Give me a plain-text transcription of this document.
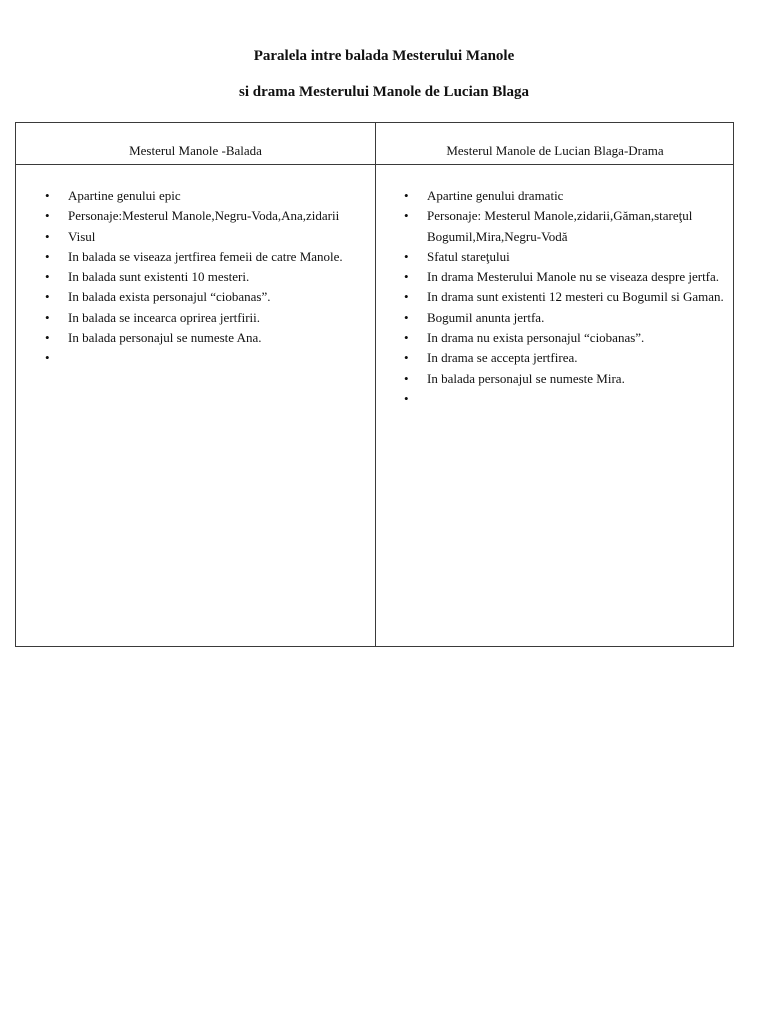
Paralela intre balada Mesterului Manole

si drama Mesterului Manole de Lucian Blaga

Mesterul Manole -Balada	Mesterul Manole de Lucian Blaga-Drama

• Apartine genului epic
• Personaje:Mesterul Manole,Negru-Voda,Ana,zidarii
• Visul
• In balada se viseaza jertfirea femeii de catre Manole.
• In balada sunt existenti 10 mesteri.
• In balada exista personajul “ciobanas”.
• In balada se incearca oprirea jertfirii.
• In balada personajul se numeste Ana.
•
• Apartine genului dramatic
• Personaje: Mesterul Manole,zidarii,Găman,stareţul Bogumil,Mira,Negru-Vodă
• Sfatul stareţului
• In drama Mesterului Manole nu se viseaza despre jertfa.
• In drama sunt existenti 12 mesteri cu Bogumil si Gaman.
• Bogumil anunta jertfa.
• In drama nu exista personajul “ciobanas”.
• In drama se accepta jertfirea.
• In balada personajul se numeste Mira.
•
